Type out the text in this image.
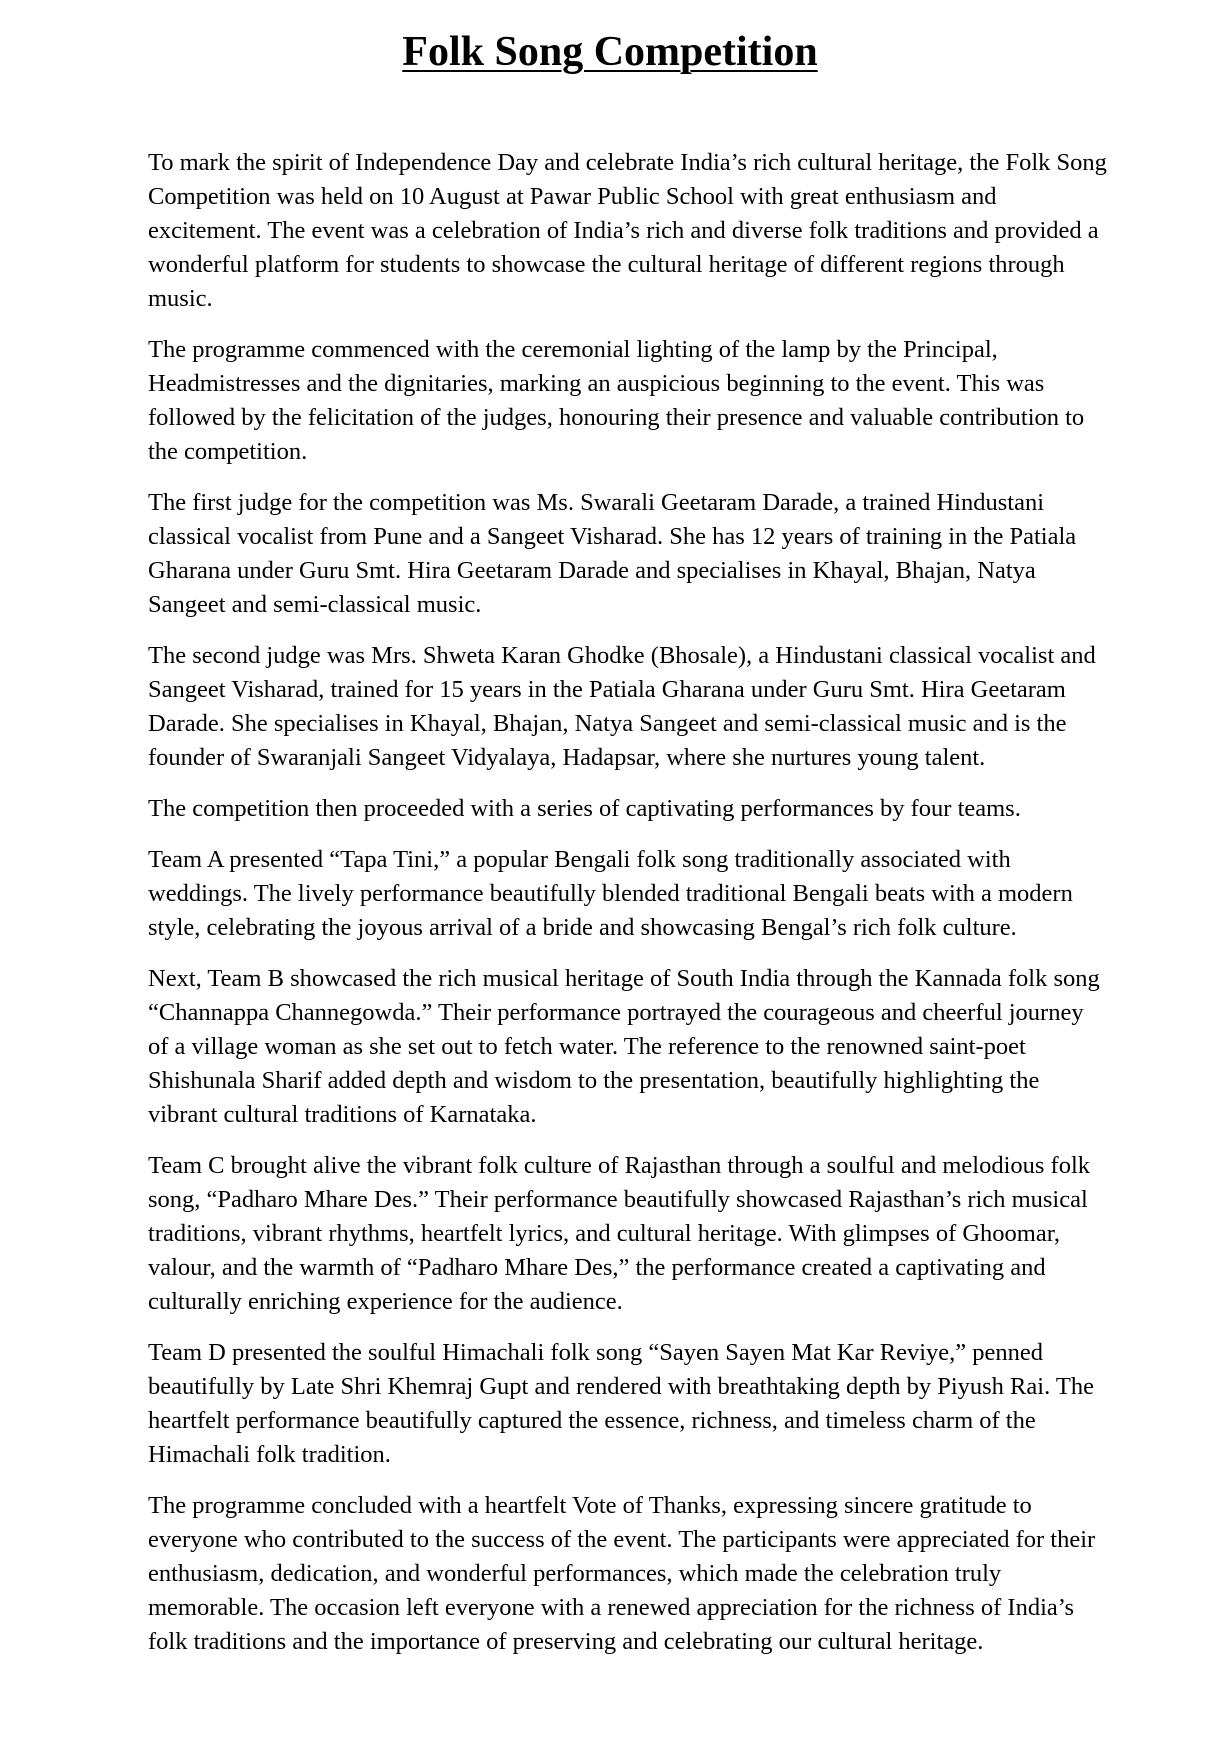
Folk Song Competition

To mark the spirit of Independence Day and celebrate India’s rich cultural heritage, the Folk Song Competition was held on 10 August at Pawar Public School with great enthusiasm and excitement. The event was a celebration of India’s rich and diverse folk traditions and provided a wonderful platform for students to showcase the cultural heritage of different regions through music.

The programme commenced with the ceremonial lighting of the lamp by the Principal, Headmistresses and the dignitaries, marking an auspicious beginning to the event. This was followed by the felicitation of the judges, honouring their presence and valuable contribution to the competition.

The first judge for the competition was Ms. Swarali Geetaram Darade, a trained Hindustani classical vocalist from Pune and a Sangeet Visharad. She has 12 years of training in the Patiala Gharana under Guru Smt. Hira Geetaram Darade and specialises in Khayal, Bhajan, Natya Sangeet and semi-classical music.

The second judge was Mrs. Shweta Karan Ghodke (Bhosale), a Hindustani classical vocalist and Sangeet Visharad, trained for 15 years in the Patiala Gharana under Guru Smt. Hira Geetaram Darade. She specialises in Khayal, Bhajan, Natya Sangeet and semi-classical music and is the founder of Swaranjali Sangeet Vidyalaya, Hadapsar, where she nurtures young talent.

The competition then proceeded with a series of captivating performances by four teams.

Team A presented “Tapa Tini,” a popular Bengali folk song traditionally associated with weddings. The lively performance beautifully blended traditional Bengali beats with a modern style, celebrating the joyous arrival of a bride and showcasing Bengal’s rich folk culture.

Next, Team B showcased the rich musical heritage of South India through the Kannada folk song “Channappa Channegowda.” Their performance portrayed the courageous and cheerful journey of a village woman as she set out to fetch water. The reference to the renowned saint-poet Shishunala Sharif added depth and wisdom to the presentation, beautifully highlighting the vibrant cultural traditions of Karnataka.

Team C brought alive the vibrant folk culture of Rajasthan through a soulful and melodious folk song, “Padharo Mhare Des.” Their performance beautifully showcased Rajasthan’s rich musical traditions, vibrant rhythms, heartfelt lyrics, and cultural heritage. With glimpses of Ghoomar, valour, and the warmth of “Padharo Mhare Des,” the performance created a captivating and culturally enriching experience for the audience.

Team D presented the soulful Himachali folk song “Sayen Sayen Mat Kar Reviye,” penned beautifully by Late Shri Khemraj Gupt and rendered with breathtaking depth by Piyush Rai. The heartfelt performance beautifully captured the essence, richness, and timeless charm of the Himachali folk tradition.

The programme concluded with a heartfelt Vote of Thanks, expressing sincere gratitude to everyone who contributed to the success of the event. The participants were appreciated for their enthusiasm, dedication, and wonderful performances, which made the celebration truly memorable. The occasion left everyone with a renewed appreciation for the richness of India’s folk traditions and the importance of preserving and celebrating our cultural heritage.
